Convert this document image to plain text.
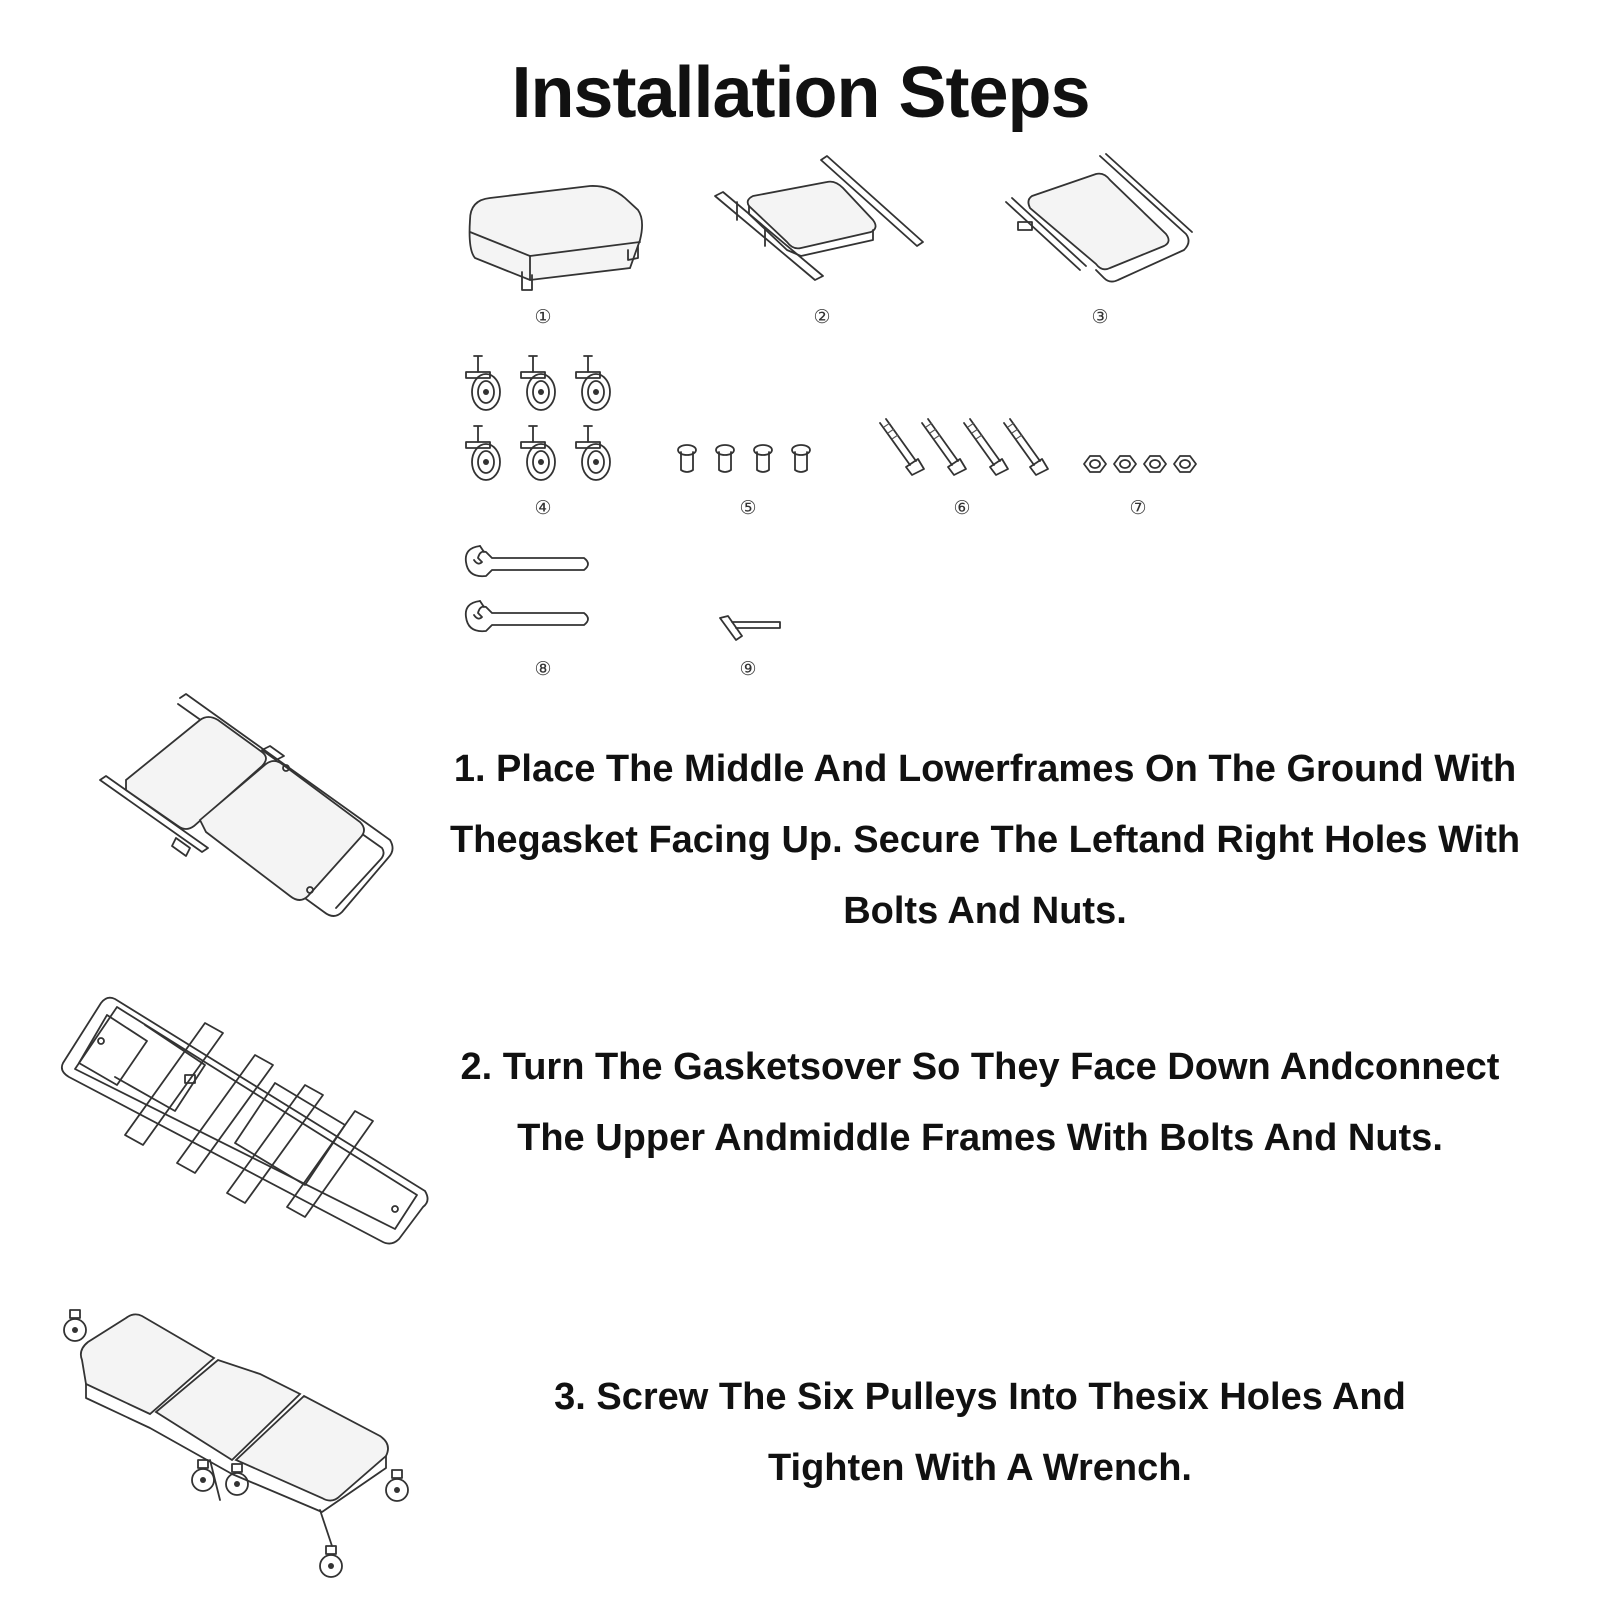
Installation Steps
①	②	③
④	⑤	⑥	⑦
⑧	⑨
1. Place The Middle And Lowerframes On The Ground With Thegasket Facing Up. Secure The Leftand Right Holes With Bolts And Nuts.
2. Turn The Gasketsover So They Face Down Andconnect The Upper Andmiddle Frames With Bolts And Nuts.
3. Screw The Six Pulleys Into Thesix Holes And Tighten With A Wrench.
